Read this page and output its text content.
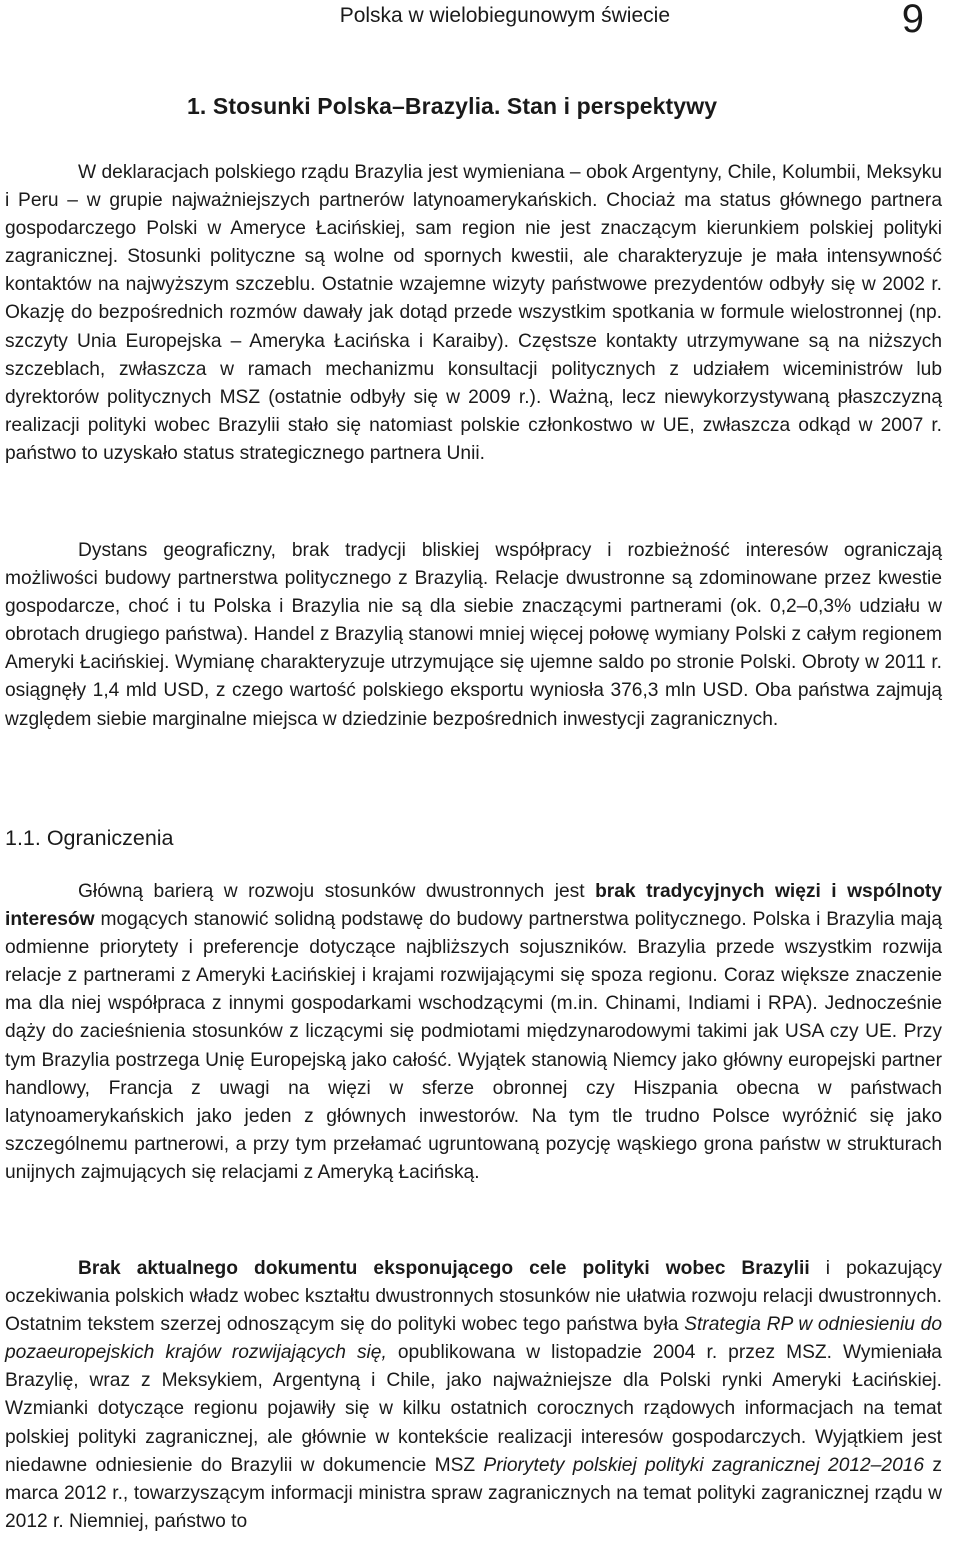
Polska w wielobiegunowym świecie	9
1. Stosunki Polska–Brazylia. Stan i perspektywy

W deklaracjach polskiego rządu Brazylia jest wymieniana – obok Argentyny, Chile, Kolumbii, Meksyku i Peru – w grupie najważniejszych partnerów latynoamerykańskich. Chociaż ma status głównego partnera gospodarczego Polski w Ameryce Łacińskiej, sam region nie jest znaczącym kierunkiem polskiej polityki zagranicznej. Stosunki polityczne są wolne od spornych kwestii, ale charakteryzuje je mała intensywność kontaktów na najwyższym szczeblu. Ostatnie wzajemne wizyty państwowe prezydentów odbyły się w 2002 r. Okazję do bezpośrednich rozmów dawały jak dotąd przede wszystkim spotkania w formule wielostronnej (np. szczyty Unia Europejska – Ameryka Łacińska i Karaiby). Częstsze kontakty utrzymywane są na niższych szczeblach, zwłaszcza w ramach mechanizmu konsultacji politycznych z udziałem wiceministrów lub dyrektorów politycznych MSZ (ostatnie odbyły się w 2009 r.). Ważną, lecz niewykorzystywaną płaszczyzną realizacji polityki wobec Brazylii stało się natomiast polskie członkostwo w UE, zwłaszcza odkąd w 2007 r. państwo to uzyskało status strategicznego partnera Unii.

Dystans geograficzny, brak tradycji bliskiej współpracy i rozbieżność interesów ograniczają możliwości budowy partnerstwa politycznego z Brazylią. Relacje dwustronne są zdominowane przez kwestie gospodarcze, choć i tu Polska i Brazylia nie są dla siebie znaczącymi partnerami (ok. 0,2–0,3% udziału w obrotach drugiego państwa). Handel z Brazylią stanowi mniej więcej połowę wymiany Polski z całym regionem Ameryki Łacińskiej. Wymianę charakteryzuje utrzymujące się ujemne saldo po stronie Polski. Obroty w 2011 r. osiągnęły 1,4 mld USD, z czego wartość polskiego eksportu wyniosła 376,3 mln USD. Oba państwa zajmują względem siebie marginalne miejsca w dziedzinie bezpośrednich inwestycji zagranicznych.

1.1. Ograniczenia

Główną barierą w rozwoju stosunków dwustronnych jest brak tradycyjnych więzi i wspólnoty interesów mogących stanowić solidną podstawę do budowy partnerstwa politycznego. Polska i Brazylia mają odmienne priorytety i preferencje dotyczące najbliższych sojuszników. Brazylia przede wszystkim rozwija relacje z partnerami z Ameryki Łacińskiej i krajami rozwijającymi się spoza regionu. Coraz większe znaczenie ma dla niej współpraca z innymi gospodarkami wschodzącymi (m.in. Chinami, Indiami i RPA). Jednocześnie dąży do zacieśnienia stosunków z liczącymi się podmiotami międzynarodowymi takimi jak USA czy UE. Przy tym Brazylia postrzega Unię Europejską jako całość. Wyjątek stanowią Niemcy jako główny europejski partner handlowy, Francja z uwagi na więzi w sferze obronnej czy Hiszpania obecna w państwach latynoamerykańskich jako jeden z głównych inwestorów. Na tym tle trudno Polsce wyróżnić się jako szczególnemu partnerowi, a przy tym przełamać ugruntowaną pozycję wąskiego grona państw w strukturach unijnych zajmujących się relacjami z Ameryką Łacińską.

Brak aktualnego dokumentu eksponującego cele polityki wobec Brazylii i pokazujący oczekiwania polskich władz wobec kształtu dwustronnych stosunków nie ułatwia rozwoju relacji dwustronnych. Ostatnim tekstem szerzej odnoszącym się do polityki wobec tego państwa była Strategia RP w odniesieniu do pozaeuropejskich krajów rozwijających się, opublikowana w listopadzie 2004 r. przez MSZ. Wymieniała Brazylię, wraz z Meksykiem, Argentyną i Chile, jako najważniejsze dla Polski rynki Ameryki Łacińskiej. Wzmianki dotyczące regionu pojawiły się w kilku ostatnich corocznych rządowych informacjach na temat polskiej polityki zagranicznej, ale głównie w kontekście realizacji interesów gospodarczych. Wyjątkiem jest niedawne odniesienie do Brazylii w dokumencie MSZ Priorytety polskiej polityki zagranicznej 2012–2016 z marca 2012 r., towarzyszącym informacji ministra spraw zagranicznych na temat polityki zagranicznej rządu w 2012 r. Niemniej, państwo to
